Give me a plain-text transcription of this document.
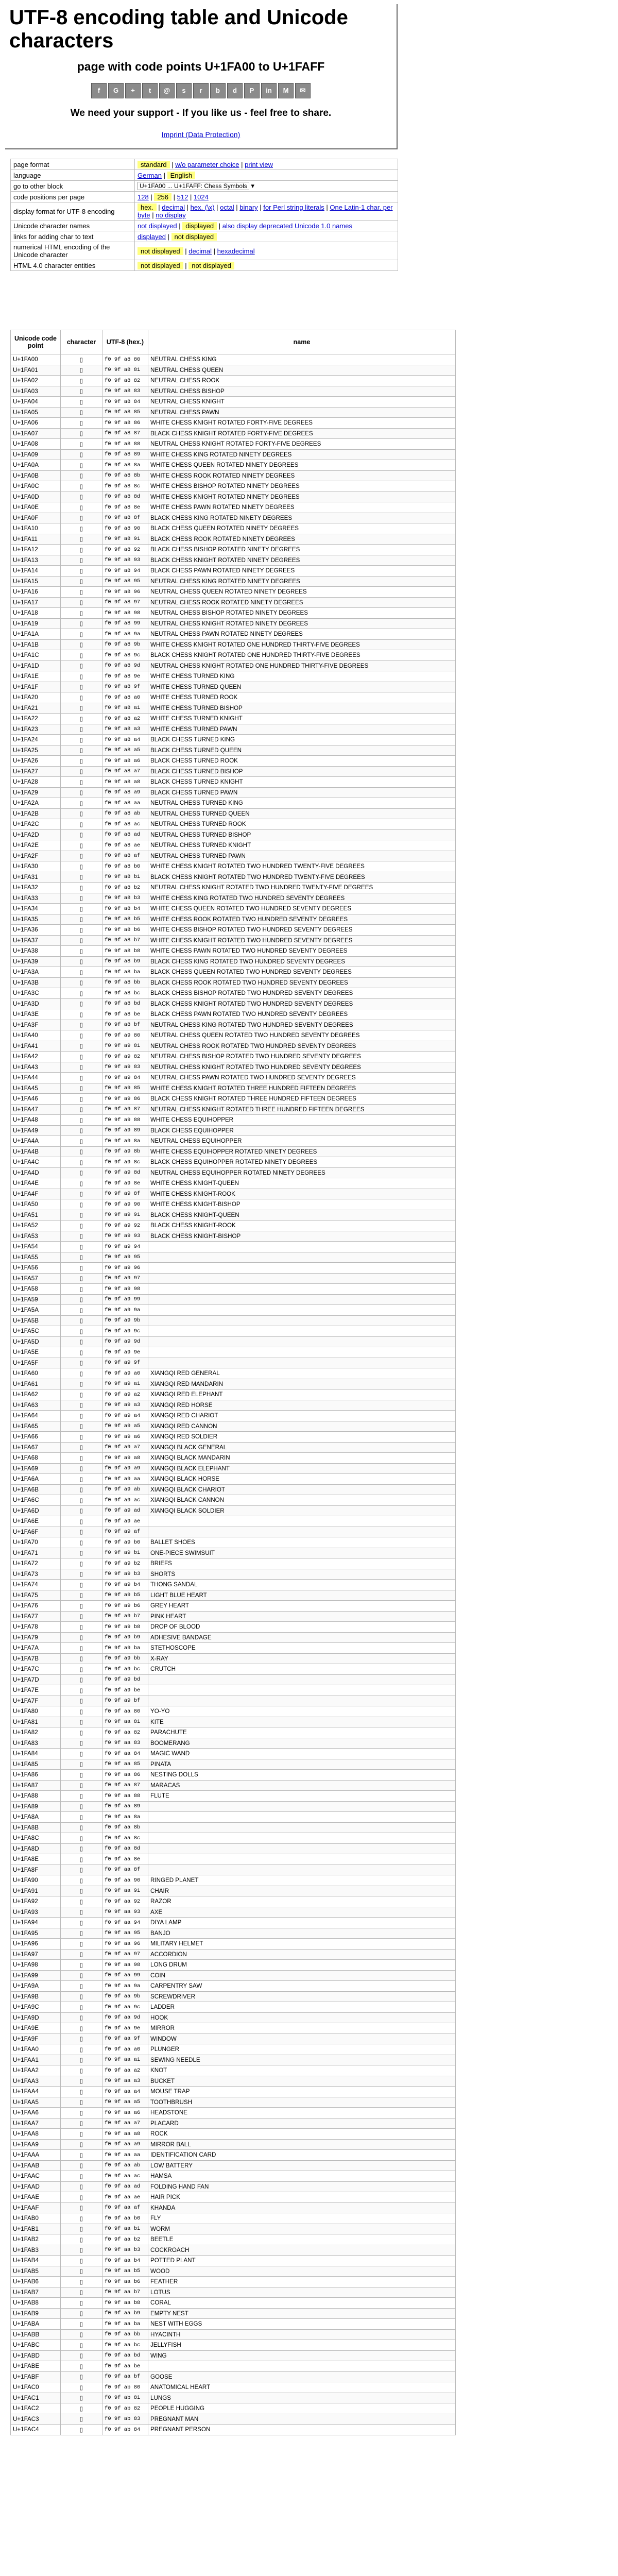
UTF-8 encoding table and Unicode characters
page with code points U+1FA00 to U+1FAFF
f	G	+	t	@	s	r	b	d	P	in	M	✉
We need your support - If you like us - feel free to share.
Imprint (Data Protection)
page format	standard | w/o parameter choice | print view
language	German | English
go to other block	U+1FA00 ... U+1FAFF: Chess Symbols ▾
code positions per page	128 | 256 | 512 | 1024
display format for UTF-8 encoding	hex. | decimal | hex. (\x) | octal | binary | for Perl string literals | One Latin-1 char. per byte | no display
Unicode character names	not displayed | displayed | also display deprecated Unicode 1.0 names
links for adding char to text	displayed | not displayed
numerical HTML encoding of the Unicode character	not displayed | decimal | hexadecimal
HTML 4.0 character entities	not displayed | not displayed
Unicode code point	character	UTF-8 (hex.)	name
U+1FA00	▯	f0 9f a8 80	NEUTRAL CHESS KING
U+1FA01	▯	f0 9f a8 81	NEUTRAL CHESS QUEEN
U+1FA02	▯	f0 9f a8 82	NEUTRAL CHESS ROOK
U+1FA03	▯	f0 9f a8 83	NEUTRAL CHESS BISHOP
U+1FA04	▯	f0 9f a8 84	NEUTRAL CHESS KNIGHT
U+1FA05	▯	f0 9f a8 85	NEUTRAL CHESS PAWN
U+1FA06	▯	f0 9f a8 86	WHITE CHESS KNIGHT ROTATED FORTY-FIVE DEGREES
U+1FA07	▯	f0 9f a8 87	BLACK CHESS KNIGHT ROTATED FORTY-FIVE DEGREES
U+1FA08	▯	f0 9f a8 88	NEUTRAL CHESS KNIGHT ROTATED FORTY-FIVE DEGREES
U+1FA09	▯	f0 9f a8 89	WHITE CHESS KING ROTATED NINETY DEGREES
U+1FA0A	▯	f0 9f a8 8a	WHITE CHESS QUEEN ROTATED NINETY DEGREES
U+1FA0B	▯	f0 9f a8 8b	WHITE CHESS ROOK ROTATED NINETY DEGREES
U+1FA0C	▯	f0 9f a8 8c	WHITE CHESS BISHOP ROTATED NINETY DEGREES
U+1FA0D	▯	f0 9f a8 8d	WHITE CHESS KNIGHT ROTATED NINETY DEGREES
U+1FA0E	▯	f0 9f a8 8e	WHITE CHESS PAWN ROTATED NINETY DEGREES
U+1FA0F	▯	f0 9f a8 8f	BLACK CHESS KING ROTATED NINETY DEGREES
U+1FA10	▯	f0 9f a8 90	BLACK CHESS QUEEN ROTATED NINETY DEGREES
U+1FA11	▯	f0 9f a8 91	BLACK CHESS ROOK ROTATED NINETY DEGREES
U+1FA12	▯	f0 9f a8 92	BLACK CHESS BISHOP ROTATED NINETY DEGREES
U+1FA13	▯	f0 9f a8 93	BLACK CHESS KNIGHT ROTATED NINETY DEGREES
U+1FA14	▯	f0 9f a8 94	BLACK CHESS PAWN ROTATED NINETY DEGREES
U+1FA15	▯	f0 9f a8 95	NEUTRAL CHESS KING ROTATED NINETY DEGREES
U+1FA16	▯	f0 9f a8 96	NEUTRAL CHESS QUEEN ROTATED NINETY DEGREES
U+1FA17	▯	f0 9f a8 97	NEUTRAL CHESS ROOK ROTATED NINETY DEGREES
U+1FA18	▯	f0 9f a8 98	NEUTRAL CHESS BISHOP ROTATED NINETY DEGREES
U+1FA19	▯	f0 9f a8 99	NEUTRAL CHESS KNIGHT ROTATED NINETY DEGREES
U+1FA1A	▯	f0 9f a8 9a	NEUTRAL CHESS PAWN ROTATED NINETY DEGREES
U+1FA1B	▯	f0 9f a8 9b	WHITE CHESS KNIGHT ROTATED ONE HUNDRED THIRTY-FIVE DEGREES
U+1FA1C	▯	f0 9f a8 9c	BLACK CHESS KNIGHT ROTATED ONE HUNDRED THIRTY-FIVE DEGREES
U+1FA1D	▯	f0 9f a8 9d	NEUTRAL CHESS KNIGHT ROTATED ONE HUNDRED THIRTY-FIVE DEGREES
U+1FA1E	▯	f0 9f a8 9e	WHITE CHESS TURNED KING
U+1FA1F	▯	f0 9f a8 9f	WHITE CHESS TURNED QUEEN
U+1FA20	▯	f0 9f a8 a0	WHITE CHESS TURNED ROOK
U+1FA21	▯	f0 9f a8 a1	WHITE CHESS TURNED BISHOP
U+1FA22	▯	f0 9f a8 a2	WHITE CHESS TURNED KNIGHT
U+1FA23	▯	f0 9f a8 a3	WHITE CHESS TURNED PAWN
U+1FA24	▯	f0 9f a8 a4	BLACK CHESS TURNED KING
U+1FA25	▯	f0 9f a8 a5	BLACK CHESS TURNED QUEEN
U+1FA26	▯	f0 9f a8 a6	BLACK CHESS TURNED ROOK
U+1FA27	▯	f0 9f a8 a7	BLACK CHESS TURNED BISHOP
U+1FA28	▯	f0 9f a8 a8	BLACK CHESS TURNED KNIGHT
U+1FA29	▯	f0 9f a8 a9	BLACK CHESS TURNED PAWN
U+1FA2A	▯	f0 9f a8 aa	NEUTRAL CHESS TURNED KING
U+1FA2B	▯	f0 9f a8 ab	NEUTRAL CHESS TURNED QUEEN
U+1FA2C	▯	f0 9f a8 ac	NEUTRAL CHESS TURNED ROOK
U+1FA2D	▯	f0 9f a8 ad	NEUTRAL CHESS TURNED BISHOP
U+1FA2E	▯	f0 9f a8 ae	NEUTRAL CHESS TURNED KNIGHT
U+1FA2F	▯	f0 9f a8 af	NEUTRAL CHESS TURNED PAWN
U+1FA30	▯	f0 9f a8 b0	WHITE CHESS KNIGHT ROTATED TWO HUNDRED TWENTY-FIVE DEGREES
U+1FA31	▯	f0 9f a8 b1	BLACK CHESS KNIGHT ROTATED TWO HUNDRED TWENTY-FIVE DEGREES
U+1FA32	▯	f0 9f a8 b2	NEUTRAL CHESS KNIGHT ROTATED TWO HUNDRED TWENTY-FIVE DEGREES
U+1FA33	▯	f0 9f a8 b3	WHITE CHESS KING ROTATED TWO HUNDRED SEVENTY DEGREES
U+1FA34	▯	f0 9f a8 b4	WHITE CHESS QUEEN ROTATED TWO HUNDRED SEVENTY DEGREES
U+1FA35	▯	f0 9f a8 b5	WHITE CHESS ROOK ROTATED TWO HUNDRED SEVENTY DEGREES
U+1FA36	▯	f0 9f a8 b6	WHITE CHESS BISHOP ROTATED TWO HUNDRED SEVENTY DEGREES
U+1FA37	▯	f0 9f a8 b7	WHITE CHESS KNIGHT ROTATED TWO HUNDRED SEVENTY DEGREES
U+1FA38	▯	f0 9f a8 b8	WHITE CHESS PAWN ROTATED TWO HUNDRED SEVENTY DEGREES
U+1FA39	▯	f0 9f a8 b9	BLACK CHESS KING ROTATED TWO HUNDRED SEVENTY DEGREES
U+1FA3A	▯	f0 9f a8 ba	BLACK CHESS QUEEN ROTATED TWO HUNDRED SEVENTY DEGREES
U+1FA3B	▯	f0 9f a8 bb	BLACK CHESS ROOK ROTATED TWO HUNDRED SEVENTY DEGREES
U+1FA3C	▯	f0 9f a8 bc	BLACK CHESS BISHOP ROTATED TWO HUNDRED SEVENTY DEGREES
U+1FA3D	▯	f0 9f a8 bd	BLACK CHESS KNIGHT ROTATED TWO HUNDRED SEVENTY DEGREES
U+1FA3E	▯	f0 9f a8 be	BLACK CHESS PAWN ROTATED TWO HUNDRED SEVENTY DEGREES
U+1FA3F	▯	f0 9f a8 bf	NEUTRAL CHESS KING ROTATED TWO HUNDRED SEVENTY DEGREES
U+1FA40	▯	f0 9f a9 80	NEUTRAL CHESS QUEEN ROTATED TWO HUNDRED SEVENTY DEGREES
U+1FA41	▯	f0 9f a9 81	NEUTRAL CHESS ROOK ROTATED TWO HUNDRED SEVENTY DEGREES
U+1FA42	▯	f0 9f a9 82	NEUTRAL CHESS BISHOP ROTATED TWO HUNDRED SEVENTY DEGREES
U+1FA43	▯	f0 9f a9 83	NEUTRAL CHESS KNIGHT ROTATED TWO HUNDRED SEVENTY DEGREES
U+1FA44	▯	f0 9f a9 84	NEUTRAL CHESS PAWN ROTATED TWO HUNDRED SEVENTY DEGREES
U+1FA45	▯	f0 9f a9 85	WHITE CHESS KNIGHT ROTATED THREE HUNDRED FIFTEEN DEGREES
U+1FA46	▯	f0 9f a9 86	BLACK CHESS KNIGHT ROTATED THREE HUNDRED FIFTEEN DEGREES
U+1FA47	▯	f0 9f a9 87	NEUTRAL CHESS KNIGHT ROTATED THREE HUNDRED FIFTEEN DEGREES
U+1FA48	▯	f0 9f a9 88	WHITE CHESS EQUIHOPPER
U+1FA49	▯	f0 9f a9 89	BLACK CHESS EQUIHOPPER
U+1FA4A	▯	f0 9f a9 8a	NEUTRAL CHESS EQUIHOPPER
U+1FA4B	▯	f0 9f a9 8b	WHITE CHESS EQUIHOPPER ROTATED NINETY DEGREES
U+1FA4C	▯	f0 9f a9 8c	BLACK CHESS EQUIHOPPER ROTATED NINETY DEGREES
U+1FA4D	▯	f0 9f a9 8d	NEUTRAL CHESS EQUIHOPPER ROTATED NINETY DEGREES
U+1FA4E	▯	f0 9f a9 8e	WHITE CHESS KNIGHT-QUEEN
U+1FA4F	▯	f0 9f a9 8f	WHITE CHESS KNIGHT-ROOK
U+1FA50	▯	f0 9f a9 90	WHITE CHESS KNIGHT-BISHOP
U+1FA51	▯	f0 9f a9 91	BLACK CHESS KNIGHT-QUEEN
U+1FA52	▯	f0 9f a9 92	BLACK CHESS KNIGHT-ROOK
U+1FA53	▯	f0 9f a9 93	BLACK CHESS KNIGHT-BISHOP
U+1FA54	▯	f0 9f a9 94	
U+1FA55	▯	f0 9f a9 95	
U+1FA56	▯	f0 9f a9 96	
U+1FA57	▯	f0 9f a9 97	
U+1FA58	▯	f0 9f a9 98	
U+1FA59	▯	f0 9f a9 99	
U+1FA5A	▯	f0 9f a9 9a	
U+1FA5B	▯	f0 9f a9 9b	
U+1FA5C	▯	f0 9f a9 9c	
U+1FA5D	▯	f0 9f a9 9d	
U+1FA5E	▯	f0 9f a9 9e	
U+1FA5F	▯	f0 9f a9 9f	
U+1FA60	▯	f0 9f a9 a0	XIANGQI RED GENERAL
U+1FA61	▯	f0 9f a9 a1	XIANGQI RED MANDARIN
U+1FA62	▯	f0 9f a9 a2	XIANGQI RED ELEPHANT
U+1FA63	▯	f0 9f a9 a3	XIANGQI RED HORSE
U+1FA64	▯	f0 9f a9 a4	XIANGQI RED CHARIOT
U+1FA65	▯	f0 9f a9 a5	XIANGQI RED CANNON
U+1FA66	▯	f0 9f a9 a6	XIANGQI RED SOLDIER
U+1FA67	▯	f0 9f a9 a7	XIANGQI BLACK GENERAL
U+1FA68	▯	f0 9f a9 a8	XIANGQI BLACK MANDARIN
U+1FA69	▯	f0 9f a9 a9	XIANGQI BLACK ELEPHANT
U+1FA6A	▯	f0 9f a9 aa	XIANGQI BLACK HORSE
U+1FA6B	▯	f0 9f a9 ab	XIANGQI BLACK CHARIOT
U+1FA6C	▯	f0 9f a9 ac	XIANGQI BLACK CANNON
U+1FA6D	▯	f0 9f a9 ad	XIANGQI BLACK SOLDIER
U+1FA6E	▯	f0 9f a9 ae	
U+1FA6F	▯	f0 9f a9 af	
U+1FA70	▯	f0 9f a9 b0	BALLET SHOES
U+1FA71	▯	f0 9f a9 b1	ONE-PIECE SWIMSUIT
U+1FA72	▯	f0 9f a9 b2	BRIEFS
U+1FA73	▯	f0 9f a9 b3	SHORTS
U+1FA74	▯	f0 9f a9 b4	THONG SANDAL
U+1FA75	▯	f0 9f a9 b5	LIGHT BLUE HEART
U+1FA76	▯	f0 9f a9 b6	GREY HEART
U+1FA77	▯	f0 9f a9 b7	PINK HEART
U+1FA78	▯	f0 9f a9 b8	DROP OF BLOOD
U+1FA79	▯	f0 9f a9 b9	ADHESIVE BANDAGE
U+1FA7A	▯	f0 9f a9 ba	STETHOSCOPE
U+1FA7B	▯	f0 9f a9 bb	X-RAY
U+1FA7C	▯	f0 9f a9 bc	CRUTCH
U+1FA7D	▯	f0 9f a9 bd	
U+1FA7E	▯	f0 9f a9 be	
U+1FA7F	▯	f0 9f a9 bf	
U+1FA80	▯	f0 9f aa 80	YO-YO
U+1FA81	▯	f0 9f aa 81	KITE
U+1FA82	▯	f0 9f aa 82	PARACHUTE
U+1FA83	▯	f0 9f aa 83	BOOMERANG
U+1FA84	▯	f0 9f aa 84	MAGIC WAND
U+1FA85	▯	f0 9f aa 85	PINATA
U+1FA86	▯	f0 9f aa 86	NESTING DOLLS
U+1FA87	▯	f0 9f aa 87	MARACAS
U+1FA88	▯	f0 9f aa 88	FLUTE
U+1FA89	▯	f0 9f aa 89	
U+1FA8A	▯	f0 9f aa 8a	
U+1FA8B	▯	f0 9f aa 8b	
U+1FA8C	▯	f0 9f aa 8c	
U+1FA8D	▯	f0 9f aa 8d	
U+1FA8E	▯	f0 9f aa 8e	
U+1FA8F	▯	f0 9f aa 8f	
U+1FA90	▯	f0 9f aa 90	RINGED PLANET
U+1FA91	▯	f0 9f aa 91	CHAIR
U+1FA92	▯	f0 9f aa 92	RAZOR
U+1FA93	▯	f0 9f aa 93	AXE
U+1FA94	▯	f0 9f aa 94	DIYA LAMP
U+1FA95	▯	f0 9f aa 95	BANJO
U+1FA96	▯	f0 9f aa 96	MILITARY HELMET
U+1FA97	▯	f0 9f aa 97	ACCORDION
U+1FA98	▯	f0 9f aa 98	LONG DRUM
U+1FA99	▯	f0 9f aa 99	COIN
U+1FA9A	▯	f0 9f aa 9a	CARPENTRY SAW
U+1FA9B	▯	f0 9f aa 9b	SCREWDRIVER
U+1FA9C	▯	f0 9f aa 9c	LADDER
U+1FA9D	▯	f0 9f aa 9d	HOOK
U+1FA9E	▯	f0 9f aa 9e	MIRROR
U+1FA9F	▯	f0 9f aa 9f	WINDOW
U+1FAA0	▯	f0 9f aa a0	PLUNGER
U+1FAA1	▯	f0 9f aa a1	SEWING NEEDLE
U+1FAA2	▯	f0 9f aa a2	KNOT
U+1FAA3	▯	f0 9f aa a3	BUCKET
U+1FAA4	▯	f0 9f aa a4	MOUSE TRAP
U+1FAA5	▯	f0 9f aa a5	TOOTHBRUSH
U+1FAA6	▯	f0 9f aa a6	HEADSTONE
U+1FAA7	▯	f0 9f aa a7	PLACARD
U+1FAA8	▯	f0 9f aa a8	ROCK
U+1FAA9	▯	f0 9f aa a9	MIRROR BALL
U+1FAAA	▯	f0 9f aa aa	IDENTIFICATION CARD
U+1FAAB	▯	f0 9f aa ab	LOW BATTERY
U+1FAAC	▯	f0 9f aa ac	HAMSA
U+1FAAD	▯	f0 9f aa ad	FOLDING HAND FAN
U+1FAAE	▯	f0 9f aa ae	HAIR PICK
U+1FAAF	▯	f0 9f aa af	KHANDA
U+1FAB0	▯	f0 9f aa b0	FLY
U+1FAB1	▯	f0 9f aa b1	WORM
U+1FAB2	▯	f0 9f aa b2	BEETLE
U+1FAB3	▯	f0 9f aa b3	COCKROACH
U+1FAB4	▯	f0 9f aa b4	POTTED PLANT
U+1FAB5	▯	f0 9f aa b5	WOOD
U+1FAB6	▯	f0 9f aa b6	FEATHER
U+1FAB7	▯	f0 9f aa b7	LOTUS
U+1FAB8	▯	f0 9f aa b8	CORAL
U+1FAB9	▯	f0 9f aa b9	EMPTY NEST
U+1FABA	▯	f0 9f aa ba	NEST WITH EGGS
U+1FABB	▯	f0 9f aa bb	HYACINTH
U+1FABC	▯	f0 9f aa bc	JELLYFISH
U+1FABD	▯	f0 9f aa bd	WING
U+1FABE	▯	f0 9f aa be	
U+1FABF	▯	f0 9f aa bf	GOOSE
U+1FAC0	▯	f0 9f ab 80	ANATOMICAL HEART
U+1FAC1	▯	f0 9f ab 81	LUNGS
U+1FAC2	▯	f0 9f ab 82	PEOPLE HUGGING
U+1FAC3	▯	f0 9f ab 83	PREGNANT MAN
U+1FAC4	▯	f0 9f ab 84	PREGNANT PERSON
